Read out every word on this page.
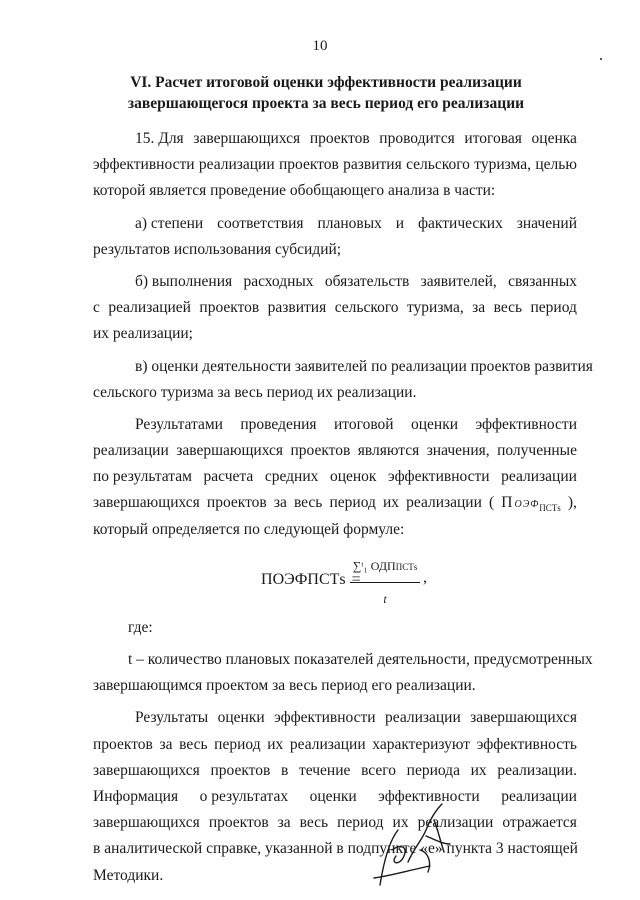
10
VI. Расчет итоговой оценки эффективности реализации
завершающегося проекта за весь период его реализации
15. Для завершающихся проектов проводится итоговая оценка
эффективности реализации проектов развития сельского туризма, целью
которой является проведение обобщающего анализа в части:
а) степени соответствия плановых и фактических значений
результатов использования субсидий;
б) выполнения расходных обязательств заявителей, связанных
с реализацией проектов развития сельского туризма, за весь период
их реализации;
в) оценки деятельности заявителей по реализации проектов развития
сельского туризма за весь период их реализации.
Результатами проведения итоговой оценки эффективности
реализации завершающихся проектов являются значения, полученные
по результатам расчета средних оценок эффективности реализации
завершающихся проектов за весь период их реализации ( П ОЭФ ПСТs ),
который определяется по следующей формуле:
П ОЭФ ПСТs =
∑ᵗ₁ ОДППСТs
t
,
где:
t – количество плановых показателей деятельности, предусмотренных
завершающимся проектом за весь период его реализации.
Результаты оценки эффективности реализации завершающихся
проектов за весь период их реализации характеризуют эффективность
завершающихся проектов в течение всего периода их реализации.
Информация о результатах оценки эффективности реализации
завершающихся проектов за весь период их реализации отражается
в аналитической справке, указанной в подпункте «е» пункта 3 настоящей
Методики.
